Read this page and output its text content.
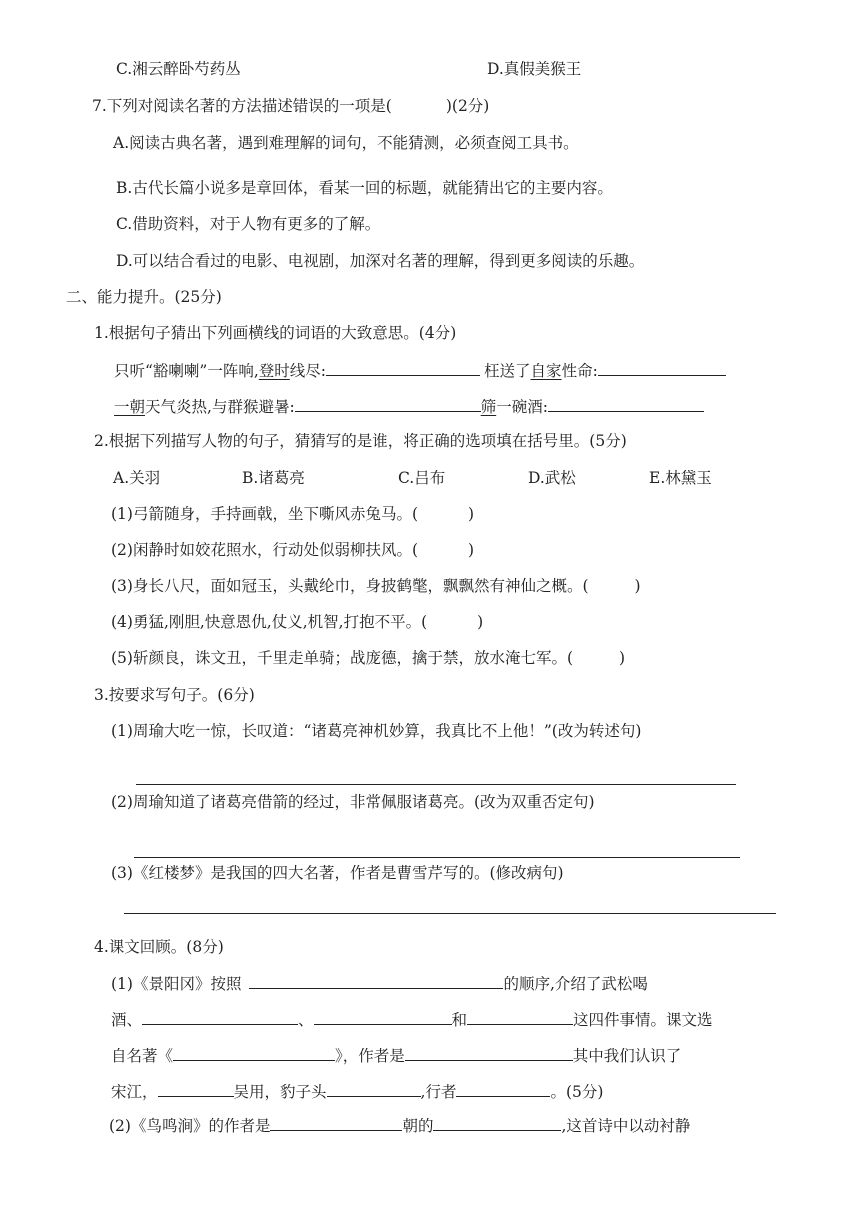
C.湘云醉卧芍药丛	D.真假美猴王
7.下列对阅读名著的方法描述错误的一项是(	)(2分)
A.阅读古典名著，遇到难理解的词句，不能猜测，必须查阅工具书。
B.古代长篇小说多是章回体，看某一回的标题，就能猜出它的主要内容。
C.借助资料，对于人物有更多的了解。
D.可以结合看过的电影、电视剧，加深对名著的理解，得到更多阅读的乐趣。
二、能力提升。(25分)
1.根据句子猜出下列画横线的词语的大致意思。(4分)
只听“豁喇喇”一阵响,登时线尽:	枉送了自家性命:
一朝天气炎热,与群猴避暑:	筛一碗酒:
2.根据下列描写人物的句子，猜猜写的是谁，将正确的选项填在括号里。(5分)
A.关羽	B.诸葛亮	C.吕布	D.武松	E.林黛玉
(1)弓箭随身，手持画戟，坐下嘶风赤兔马。(	)
(2)闲静时如姣花照水，行动处似弱柳扶风。(	)
(3)身长八尺，面如冠玉，头戴纶巾，身披鹤氅，飘飘然有神仙之概。(	)
(4)勇猛,刚胆,快意恩仇,仗义,机智,打抱不平。(	)
(5)斩颜良，诛文丑，千里走单骑；战庞德，擒于禁，放水淹七军。(	)
3.按要求写句子。(6分)
(1)周瑜大吃一惊，长叹道：“诸葛亮神机妙算，我真比不上他！”(改为转述句)
(2)周瑜知道了诸葛亮借箭的经过，非常佩服诸葛亮。(改为双重否定句)
(3)《红楼梦》是我国的四大名著，作者是曹雪芹写的。(修改病句)
4.课文回顾。(8分)
(1)《景阳冈》按照	的顺序,介绍了武松喝
酒、	、	和	这四件事情。课文选
自名著《	》，作者是	其中我们认识了
宋江，	吴用，豹子头	,行者	。(5分)
(2)《鸟鸣涧》的作者是	朝的	,这首诗中以动衬静
